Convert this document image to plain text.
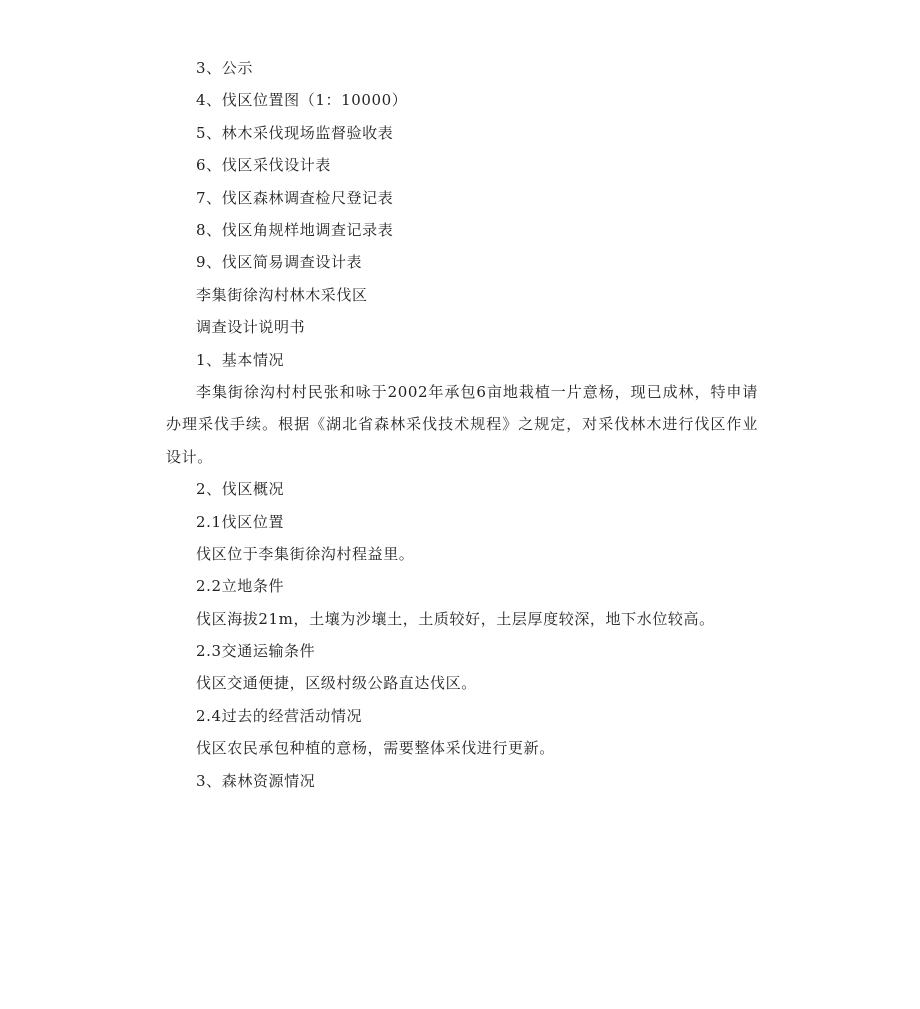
3、公示
4、伐区位置图（1：10000）
5、林木采伐现场监督验收表
6、伐区采伐设计表
7、伐区森林调查检尺登记表
8、伐区角规样地调查记录表
9、伐区简易调查设计表
李集街徐沟村林木采伐区
调查设计说明书
1、基本情况
李集街徐沟村村民张和咏于2002年承包6亩地栽植一片意杨，现已成林，特申请办理采伐手续。根据《湖北省森林采伐技术规程》之规定，对采伐林木进行伐区作业设计。
2、伐区概况
2.1伐区位置
伐区位于李集街徐沟村程益里。
2.2立地条件
伐区海拔21m，土壤为沙壤土，土质较好，土层厚度较深，地下水位较高。
2.3交通运输条件
伐区交通便捷，区级村级公路直达伐区。
2.4过去的经营活动情况
伐区农民承包种植的意杨，需要整体采伐进行更新。
3、森林资源情况
